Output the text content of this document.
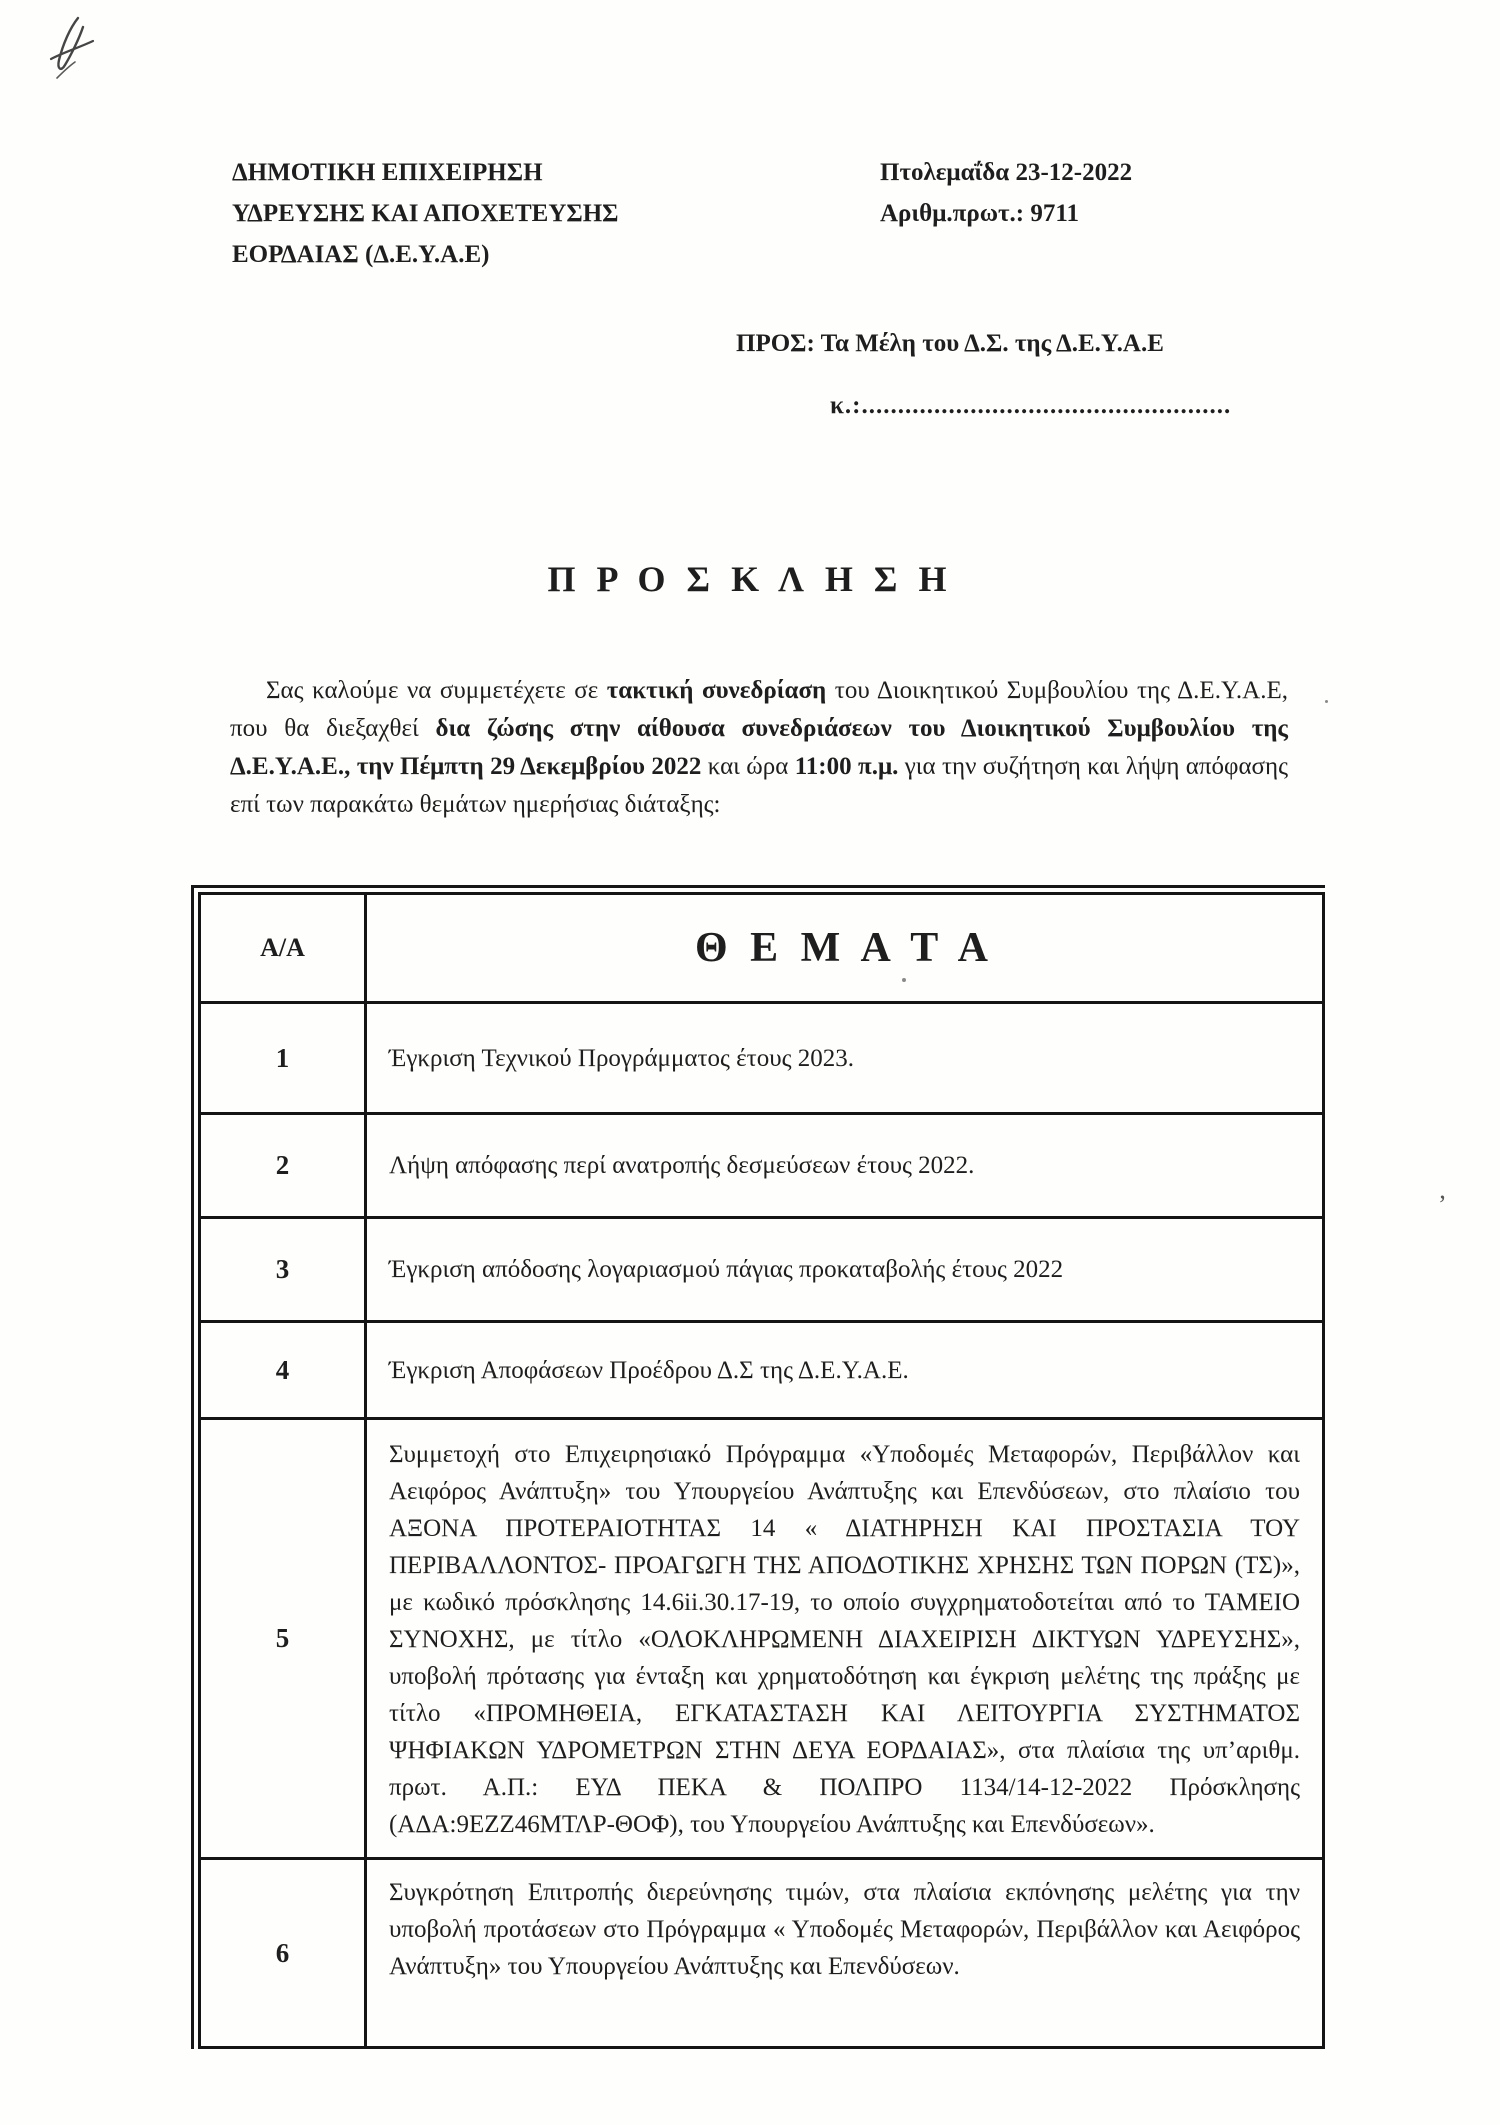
ΔΗΜΟΤΙΚΗ ΕΠΙΧΕΙΡΗΣΗ
ΥΔΡΕΥΣΗΣ ΚΑΙ ΑΠΟΧΕΤΕΥΣΗΣ
ΕΟΡΔΑΙΑΣ (Δ.Ε.Υ.Α.Ε)
Πτολεμαΐδα 23-12-2022
Αριθμ.πρωτ.: 9711
ΠΡΟΣ: Τα Μέλη του Δ.Σ. της Δ.Ε.Υ.Α.Ε
κ.:...................................................
Π Ρ Ο Σ Κ Λ Η Σ Η

Σας καλούμε να συμμετέχετε σε τακτική συνεδρίαση του Διοικητικού Συμβουλίου της Δ.Ε.Υ.Α.Ε, που θα διεξαχθεί δια ζώσης στην αίθουσα συνεδριάσεων του Διοικητικού Συμβουλίου της Δ.Ε.Υ.Α.Ε., την Πέμπτη 29 Δεκεμβρίου 2022 και ώρα 11:00 π.μ. για την συζήτηση και λήψη απόφασης επί των παρακάτω θεμάτων ημερήσιας διάταξης:

Α/Α	Θ Ε Μ Α Τ Α
1	Έγκριση Τεχνικού Προγράμματος έτους 2023.
2	Λήψη απόφασης περί ανατροπής δεσμεύσεων έτους 2022.
3	Έγκριση απόδοσης λογαριασμού πάγιας προκαταβολής έτους 2022
4	Έγκριση Αποφάσεων Προέδρου Δ.Σ της Δ.Ε.Υ.Α.Ε.
5	Συμμετοχή στο Επιχειρησιακό Πρόγραμμα «Υποδομές Μεταφορών, Περιβάλλον και Αειφόρος Ανάπτυξη» του Υπουργείου Ανάπτυξης και Επενδύσεων, στο πλαίσιο του ΑΞΟΝΑ ΠΡΟΤΕΡΑΙΟΤΗΤΑΣ 14 « ΔΙΑΤΗΡΗΣΗ ΚΑΙ ΠΡΟΣΤΑΣΙΑ ΤΟΥ ΠΕΡΙΒΑΛΛΟΝΤΟΣ- ΠΡΟΑΓΩΓΗ ΤΗΣ ΑΠΟΔΟΤΙΚΗΣ ΧΡΗΣΗΣ ΤΩΝ ΠΟΡΩΝ (ΤΣ)», με κωδικό πρόσκλησης 14.6ii.30.17-19, το οποίο συγχρηματοδοτείται από το ΤΑΜΕΙΟ ΣΥΝΟΧΗΣ, με τίτλο «ΟΛΟΚΛΗΡΩΜΕΝΗ ΔΙΑΧΕΙΡΙΣΗ ΔΙΚΤΥΩΝ ΥΔΡΕΥΣΗΣ», υποβολή πρότασης για ένταξη και χρηματοδότηση και έγκριση μελέτης της πράξης με τίτλο «ΠΡΟΜΗΘΕΙΑ, ΕΓΚΑΤΑΣΤΑΣΗ ΚΑΙ ΛΕΙΤΟΥΡΓΙΑ ΣΥΣΤΗΜΑΤΟΣ ΨΗΦΙΑΚΩΝ ΥΔΡΟΜΕΤΡΩΝ ΣΤΗΝ ΔΕΥΑ ΕΟΡΔΑΙΑΣ», στα πλαίσια της υπ’αριθμ. πρωτ. Α.Π.: ΕΥΔ ΠΕΚΑ & ΠΟΛΠΡΟ 1134/14-12-2022 Πρόσκλησης (ΑΔΑ:9ΕΖΖ46ΜΤΛΡ-ΘΟΦ), του Υπουργείου Ανάπτυξης και Επενδύσεων».
6	Συγκρότηση Επιτροπής διερεύνησης τιμών, στα πλαίσια εκπόνησης μελέτης για την υποβολή προτάσεων στο Πρόγραμμα « Υποδομές Μεταφορών, Περιβάλλον και Αειφόρος Ανάπτυξη» του Υπουργείου Ανάπτυξης και Επενδύσεων.
’
